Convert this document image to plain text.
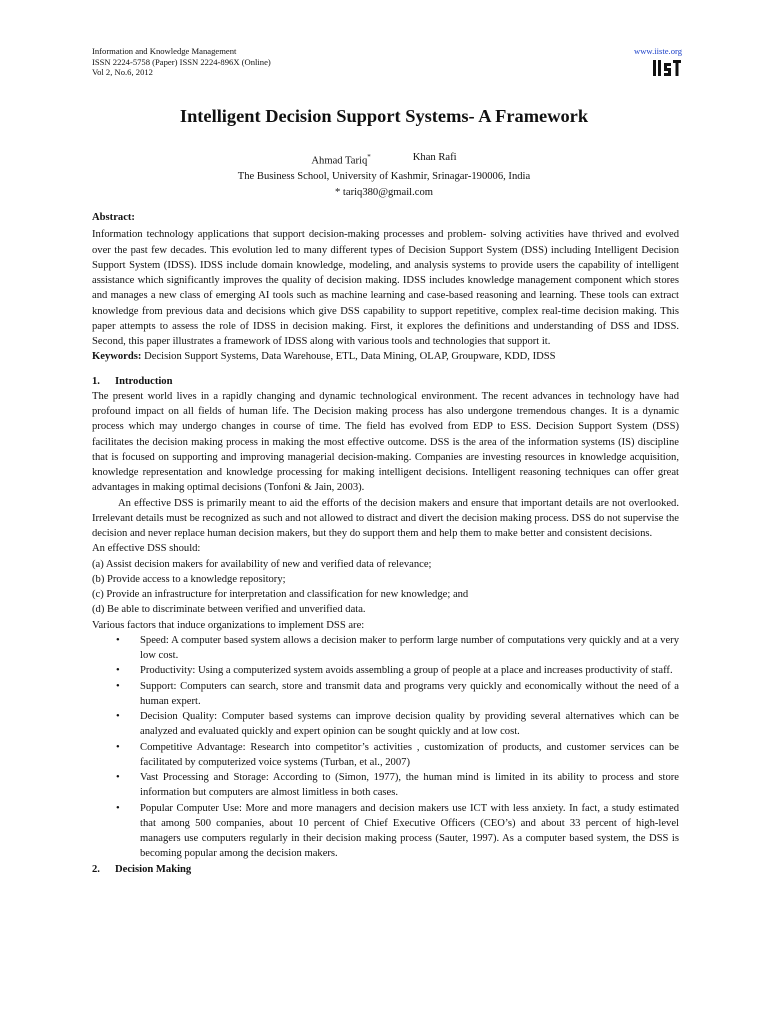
Information and Knowledge Management
ISSN 2224-5758 (Paper) ISSN 2224-896X (Online)
Vol 2, No.6, 2012
www.iiste.org
Intelligent Decision Support Systems- A Framework
Ahmad Tariq*	Khan Rafi
The Business School, University of Kashmir, Srinagar-190006, India
* tariq380@gmail.com

Abstract:

Information technology applications that support decision-making processes and problem- solving activities have thrived and evolved over the past few decades. This evolution led to many different types of Decision Support System (DSS) including Intelligent Decision Support System (IDSS). IDSS include domain knowledge, modeling, and analysis systems to provide users the capability of intelligent assistance which significantly improves the quality of decision making. IDSS includes knowledge management component which stores and manages a new class of emerging AI tools such as machine learning and case-based reasoning and learning. These tools can extract knowledge from previous data and decisions which give DSS capability to support repetitive, complex real-time decision making. This paper attempts to assess the role of IDSS in decision making. First, it explores the definitions and understanding of DSS and IDSS. Second, this paper illustrates a framework of IDSS along with various tools and technologies that support it.

Keywords: Decision Support Systems, Data Warehouse, ETL, Data Mining, OLAP, Groupware, KDD, IDSS

1. Introduction

The present world lives in a rapidly changing and dynamic technological environment. The recent advances in technology have had profound impact on all fields of human life. The Decision making process has also undergone tremendous changes. It is a dynamic process which may undergo changes in course of time. The field has evolved from EDP to ESS. Decision Support System (DSS) facilitates the decision making process in making the most effective outcome. DSS is the area of the information systems (IS) discipline that is focused on supporting and improving managerial decision-making. Companies are investing resources in knowledge acquisition, knowledge representation and knowledge processing for making intelligent decisions. Intelligent reasoning techniques can offer great advantages in making optimal decisions (Tonfoni & Jain, 2003).

An effective DSS is primarily meant to aid the efforts of the decision makers and ensure that important details are not overlooked. Irrelevant details must be recognized as such and not allowed to distract and divert the decision making process. DSS do not supervise the decision and never replace human decision makers, but they do support them and help them to make better and consistent decisions.

An effective DSS should:

(a) Assist decision makers for availability of new and verified data of relevance;

(b) Provide access to a knowledge repository;

(c) Provide an infrastructure for interpretation and classification for new knowledge; and

(d) Be able to discriminate between verified and unverified data.

Various factors that induce organizations to implement DSS are:

• Speed: A computer based system allows a decision maker to perform large number of computations very quickly and at a very low cost.
• Productivity: Using a computerized system avoids assembling a group of people at a place and increases productivity of staff.
• Support: Computers can search, store and transmit data and programs very quickly and economically without the need of a human expert.
• Decision Quality: Computer based systems can improve decision quality by providing several alternatives which can be analyzed and evaluated quickly and expert opinion can be sought quickly and at low cost.
• Competitive Advantage: Research into competitor’s activities , customization of products, and customer services can be facilitated by computerized voice systems (Turban, et al., 2007)
• Vast Processing and Storage: According to (Simon, 1977), the human mind is limited in its ability to process and store information but computers are almost limitless in both cases.
• Popular Computer Use: More and more managers and decision makers use ICT with less anxiety. In fact, a study estimated that among 500 companies, about 10 percent of Chief Executive Officers (CEO’s) and about 33 percent of high-level managers use computers regularly in their decision making process (Sauter, 1997). As a computer based system, the DSS is becoming popular among the decision makers.

2. Decision Making
